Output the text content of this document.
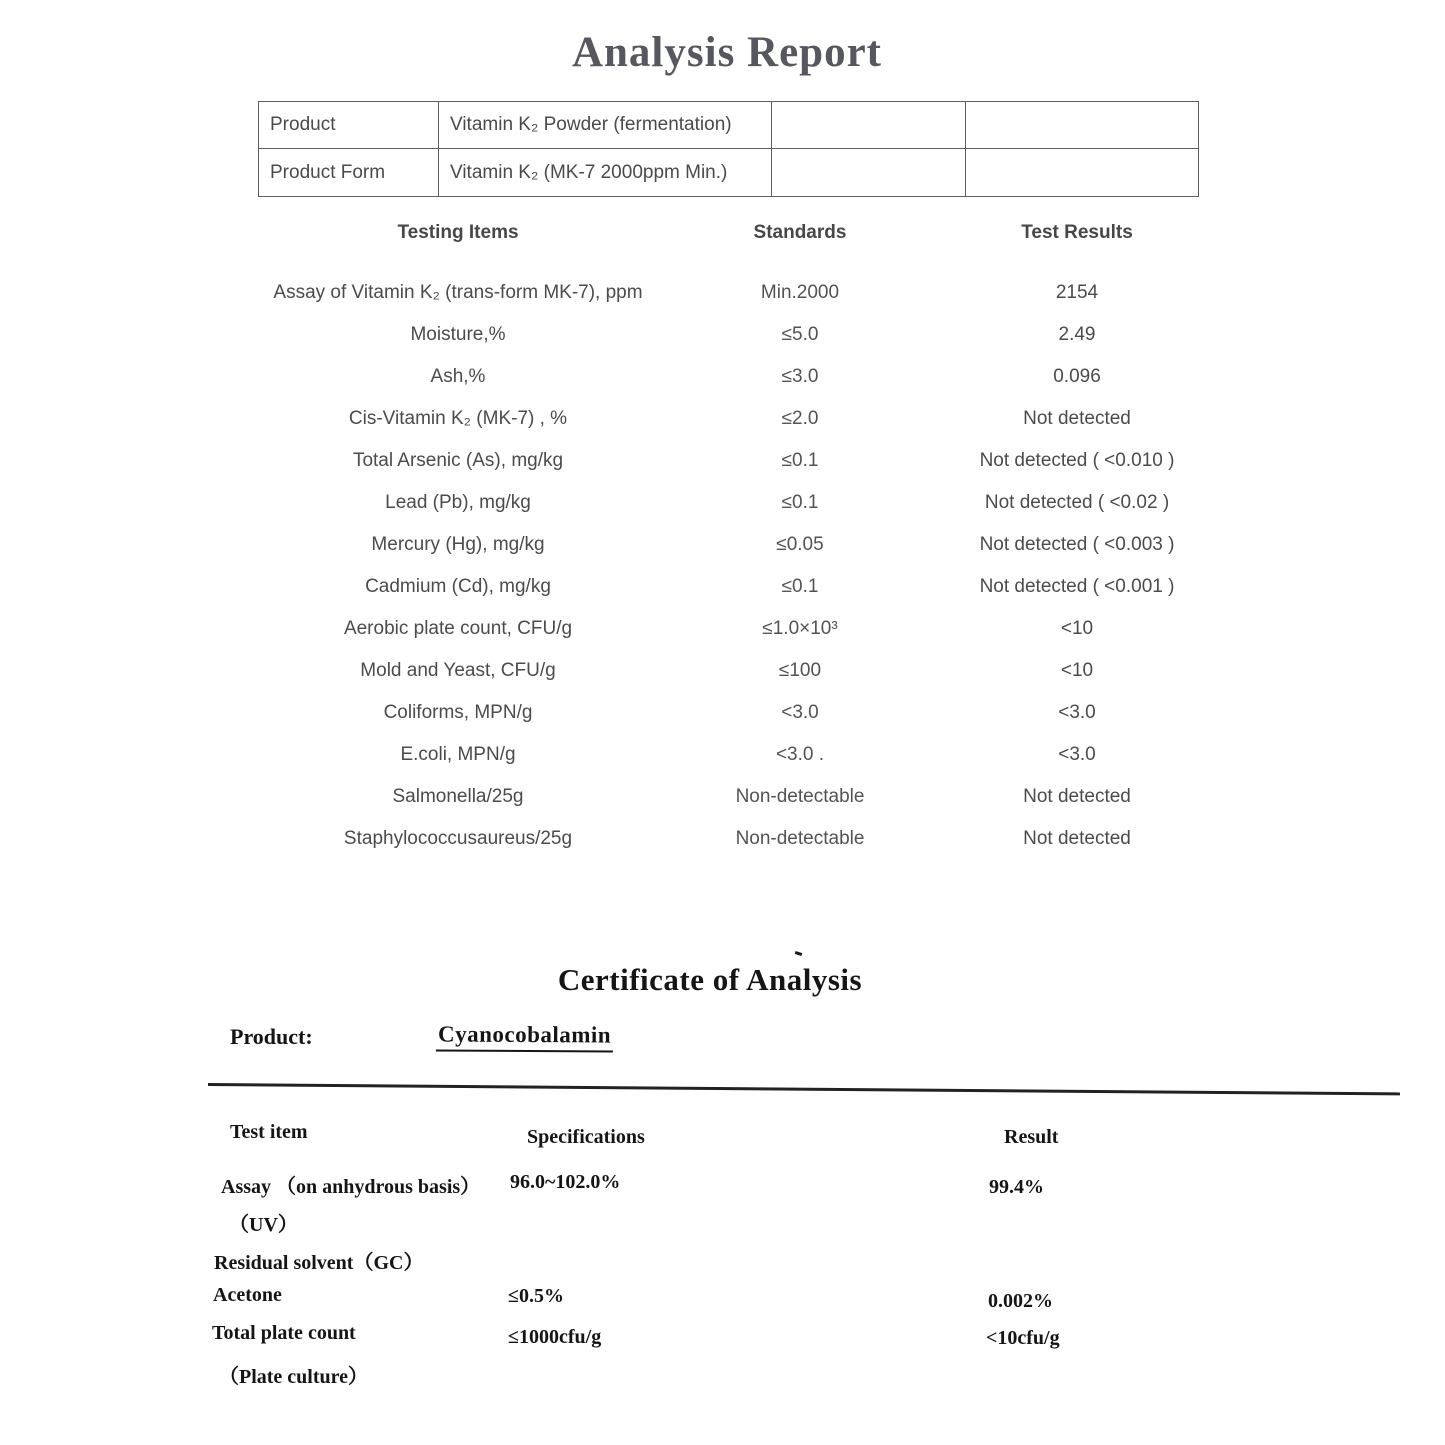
Analysis Report
Product	Vitamin K₂ Powder (fermentation)
Product Form	Vitamin K₂ (MK-7 2000ppm Min.)
Testing Items	Standards	Test Results
Assay of Vitamin K₂ (trans-form MK-7), ppm	Min.2000	2154
Moisture,%	≤5.0	2.49
Ash,%	≤3.0	0.096
Cis-Vitamin K₂ (MK-7) , %	≤2.0	Not detected
Total Arsenic (As), mg/kg	≤0.1	Not detected ( <0.010 )
Lead (Pb), mg/kg	≤0.1	Not detected ( <0.02 )
Mercury (Hg), mg/kg	≤0.05	Not detected ( <0.003 )
Cadmium (Cd), mg/kg	≤0.1	Not detected ( <0.001 )
Aerobic plate count, CFU/g	≤1.0×10³	<10
Mold and Yeast, CFU/g	≤100	<10
Coliforms, MPN/g	<3.0	<3.0
E.coli, MPN/g	<3.0 .	<3.0
Salmonella/25g	Non-detectable	Not detected
Staphylococcusaureus/25g	Non-detectable	Not detected
Certificate of Analysis
Product:	Cyanocobalamin
Test item	Specifications	Result
Assay （on anhydrous basis） 96.0~102.0%	99.4%
（UV）
Residual solvent（GC）
Acetone	≤0.5%	0.002%
Total plate count	≤1000cfu/g	<10cfu/g
（Plate culture）
